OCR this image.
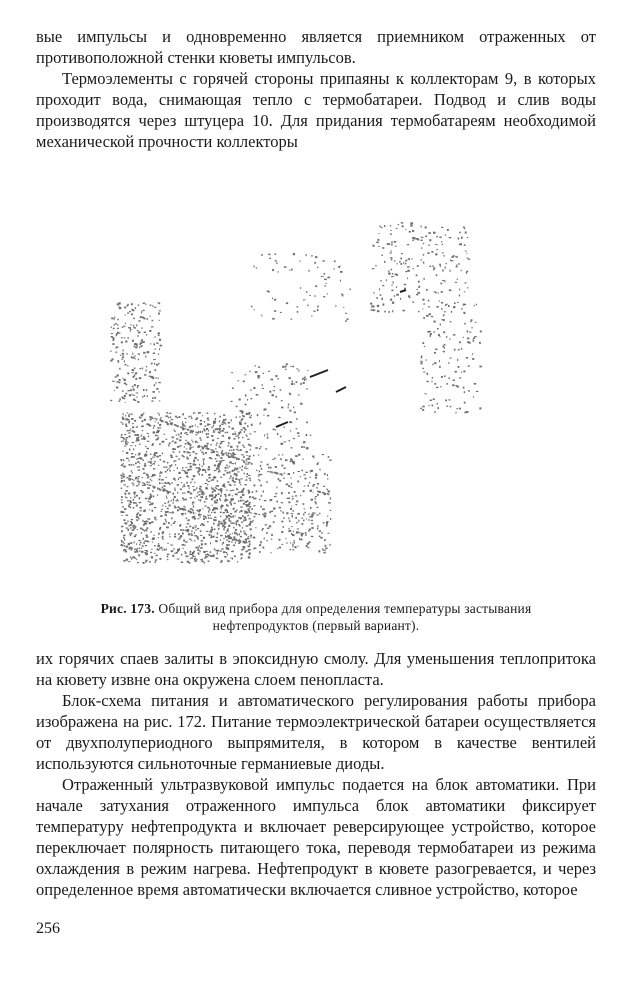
вые импульсы и одновременно является приемником отраженных от противоположной стенки кюветы импульсов.

Термоэлементы с горячей стороны припаяны к коллекторам 9, в которых проходит вода, снимающая тепло с термобатареи. Подвод и слив воды производятся через штуцера 10. Для придания термобатареям необходимой механической прочности коллекторы

Рис. 173. Общий вид прибора для определения температуры застывания нефтепродуктов (первый вариант).

их горячих спаев залиты в эпоксидную смолу. Для уменьшения теплопритока на кювету извне она окружена слоем пенопласта.

Блок-схема питания и автоматического регулирования работы прибора изображена на рис. 172. Питание термоэлектрической батареи осуществляется от двухполупериодного выпрямителя, в котором в качестве вентилей используются сильноточные германиевые диоды.

Отраженный ультразвуковой импульс подается на блок автоматики. При начале затухания отраженного импульса блок автоматики фиксирует температуру нефтепродукта и включает реверсирующее устройство, которое переключает полярность питающего тока, переводя термобатареи из режима охлаждения в режим нагрева. Нефтепродукт в кювете разогревается, и через определенное время автоматически включается сливное устройство, которое

256
